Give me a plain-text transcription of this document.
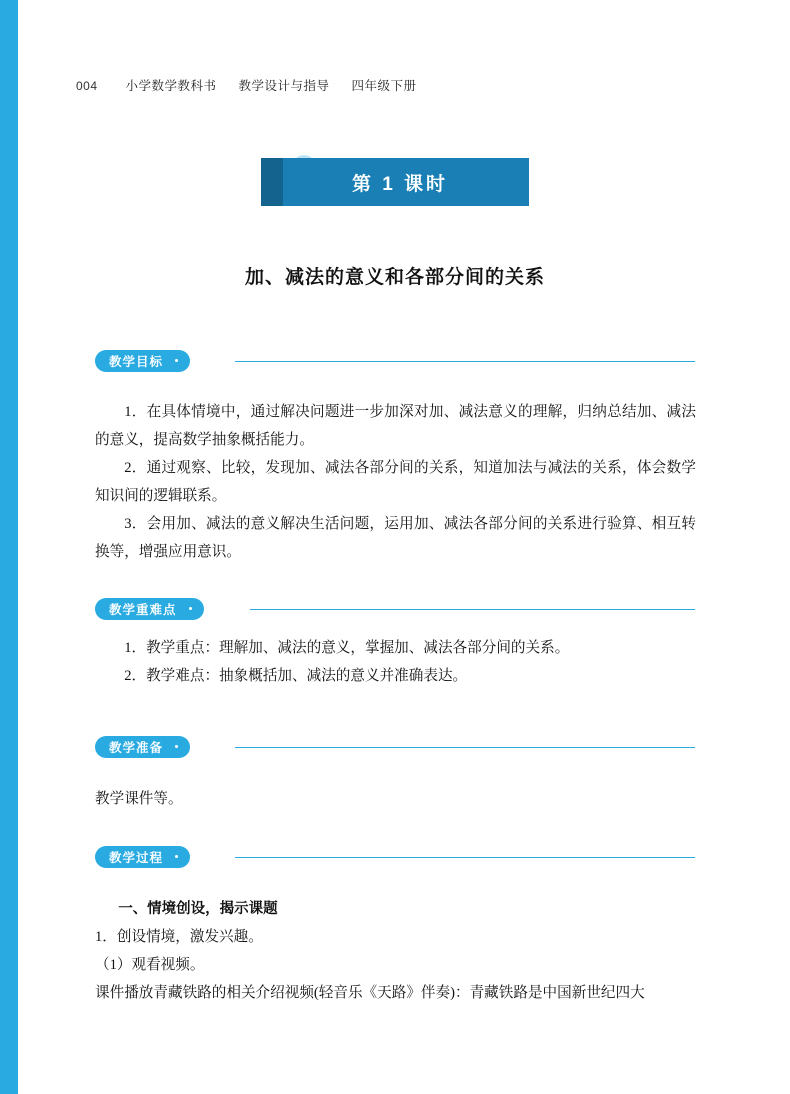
004 小学数学教科书 教学设计与指导 四年级下册
第 1 课时
加、减法的意义和各部分间的关系
教学目标

1．在具体情境中，通过解决问题进一步加深对加、减法意义的理解，归纳总结加、减法的意义，提高数学抽象概括能力。

2．通过观察、比较，发现加、减法各部分间的关系，知道加法与减法的关系，体会数学知识间的逻辑联系。

3．会用加、减法的意义解决生活问题，运用加、减法各部分间的关系进行验算、相互转换等，增强应用意识。

教学重难点

1．教学重点：理解加、减法的意义，掌握加、减法各部分间的关系。

2．教学难点：抽象概括加、减法的意义并准确表达。

教学准备

教学课件等。

教学过程

一、情境创设，揭示课题

1．创设情境，激发兴趣。

（1）观看视频。

课件播放青藏铁路的相关介绍视频(轻音乐《天路》伴奏)：青藏铁路是中国新世纪四大
